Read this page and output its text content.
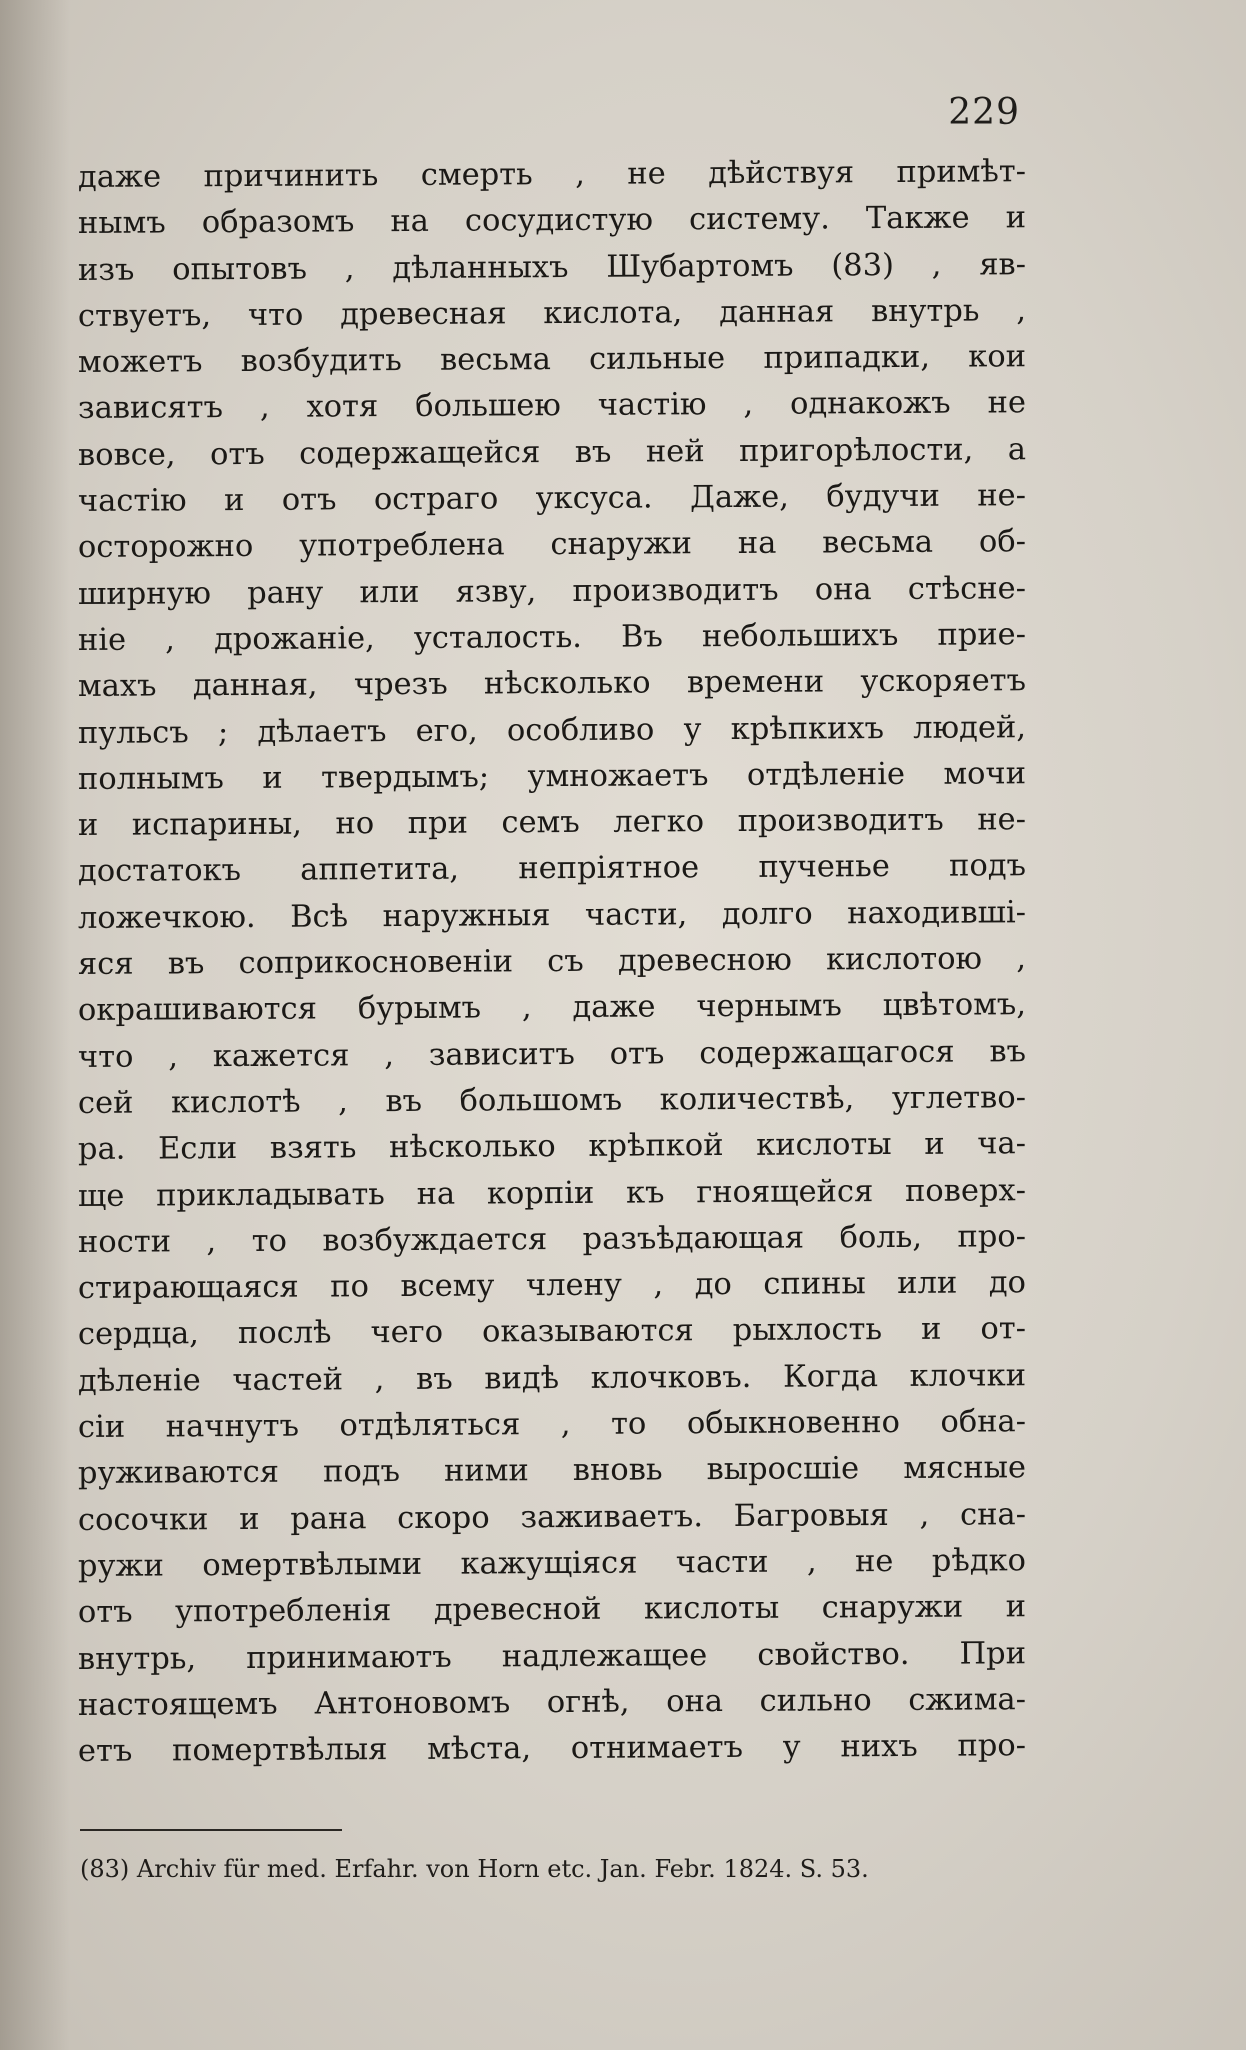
229
даже причинить смерть , не дѣйствуя примѣт-
нымъ образомъ на сосудистую систему. Также и
изъ опытовъ , дѣланныхъ Шубартомъ (83) , яв-
ствуетъ, что древесная кислота, данная внутрь ,
можетъ возбудить весьма сильные припадки, кои
зависятъ , хотя большею частію , однакожъ не
вовсе, отъ содержащейся въ ней пригорѣлости, а
частію и отъ остраго уксуса. Даже, будучи не-
осторожно употреблена снаружи на весьма об-
ширную рану или язву, производитъ она стѣсне-
ніе , дрожаніе, усталость. Въ небольшихъ прие-
махъ данная, чрезъ нѣсколько времени ускоряетъ
пульсъ ; дѣлаетъ его, особливо у крѣпкихъ людей,
полнымъ и твердымъ; умножаетъ отдѣленіе мочи
и испарины, но при семъ легко производитъ не-
достатокъ аппетита, непріятное пученье подъ
ложечкою. Всѣ наружныя части, долго находивші-
яся въ соприкосновеніи съ древесною кислотою ,
окрашиваются бурымъ , даже чернымъ цвѣтомъ,
что , кажется , зависитъ отъ содержащагося въ
сей кислотѣ , въ большомъ количествѣ, углетво-
ра. Если взять нѣсколько крѣпкой кислоты и ча-
ще прикладывать на корпіи къ гноящейся поверх-
ности , то возбуждается разъѣдающая боль, про-
стирающаяся по всему члену , до спины или до
сердца, послѣ чего оказываются рыхлость и от-
дѣленіе частей , въ видѣ клочковъ. Когда клочки
сіи начнутъ отдѣляться , то обыкновенно обна-
руживаются подъ ними вновь выросшіе мясные
сосочки и рана скоро заживаетъ. Багровыя , сна-
ружи омертвѣлыми кажущіяся части , не рѣдко
отъ употребленія древесной кислоты снаружи и
внутрь, принимаютъ надлежащее свойство. При
настоящемъ Антоновомъ огнѣ, она сильно сжима-
етъ помертвѣлыя мѣста, отнимаетъ у нихъ про-
(83) Archiv für med. Erfahr. von Horn etc. Jan. Febr. 1824. S. 53.
